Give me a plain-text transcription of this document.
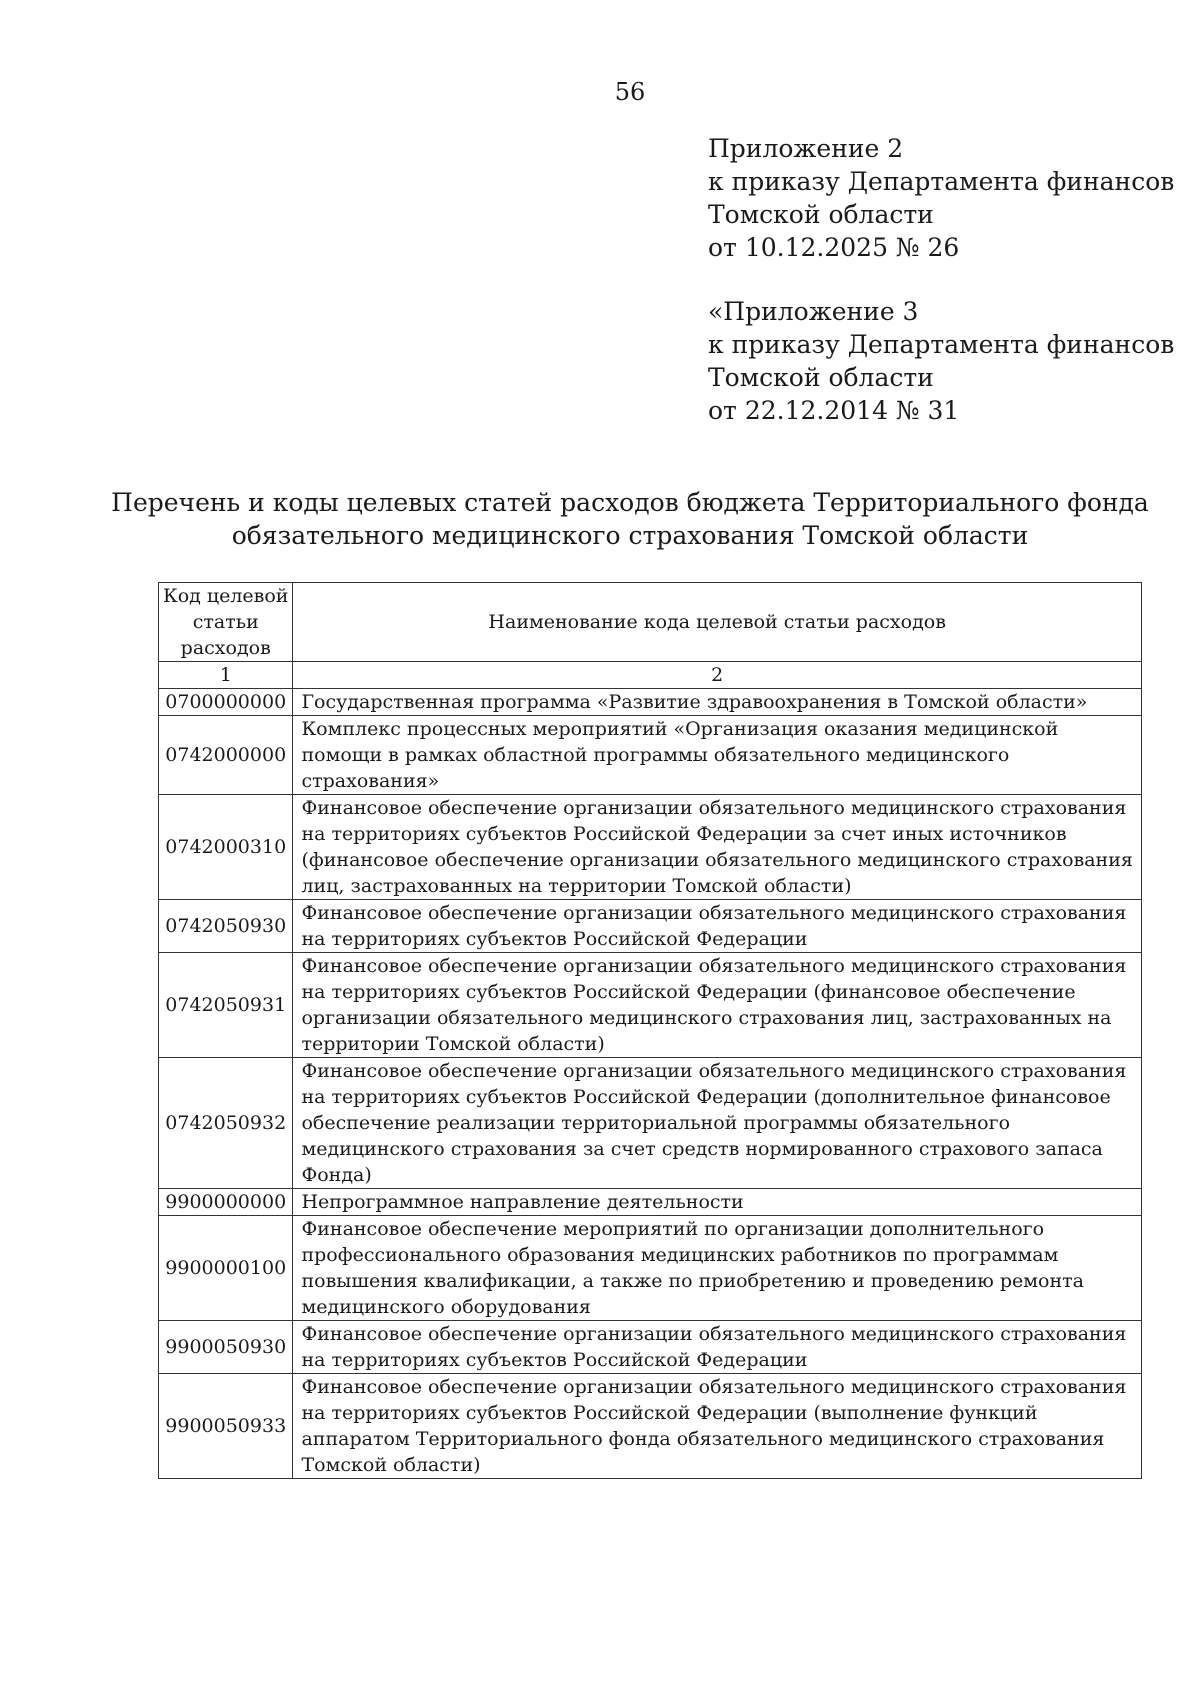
56
Приложение 2
к приказу Департамента финансов
Томской области
от 10.12.2025 № 26
«Приложение 3
к приказу Департамента финансов
Томской области
от 22.12.2014 № 31
Перечень и коды целевых статей расходов бюджета Территориального фонда
обязательного медицинского страхования Томской области
Код целевой
статьи
расходов	Наименование кода целевой статьи расходов
1	2
0700000000	Государственная программа «Развитие здравоохранения в Томской области»

0742000000	Комплекс процессных мероприятий «Организация оказания медицинской
помощи в рамках областной программы обязательного медицинского
страхования»

0742000310	Финансовое обеспечение организации обязательного медицинского страхования
на территориях субъектов Российской Федерации за счет иных источников
(финансовое обеспечение организации обязательного медицинского страхования
лиц, застрахованных на территории Томской области)

0742050930	Финансовое обеспечение организации обязательного медицинского страхования
на территориях субъектов Российской Федерации

0742050931	Финансовое обеспечение организации обязательного медицинского страхования
на территориях субъектов Российской Федерации (финансовое обеспечение
организации обязательного медицинского страхования лиц, застрахованных на
территории Томской области)

0742050932	Финансовое обеспечение организации обязательного медицинского страхования
на территориях субъектов Российской Федерации (дополнительное финансовое
обеспечение реализации территориальной программы обязательного
медицинского страхования за счет средств нормированного страхового запаса
Фонда)

9900000000	Непрограммное направление деятельности

9900000100	Финансовое обеспечение мероприятий по организации дополнительного
профессионального образования медицинских работников по программам
повышения квалификации, а также по приобретению и проведению ремонта
медицинского оборудования

9900050930	Финансовое обеспечение организации обязательного медицинского страхования
на территориях субъектов Российской Федерации

9900050933	Финансовое обеспечение организации обязательного медицинского страхования
на территориях субъектов Российской Федерации (выполнение функций
аппаратом Территориального фонда обязательного медицинского страхования
Томской области)
